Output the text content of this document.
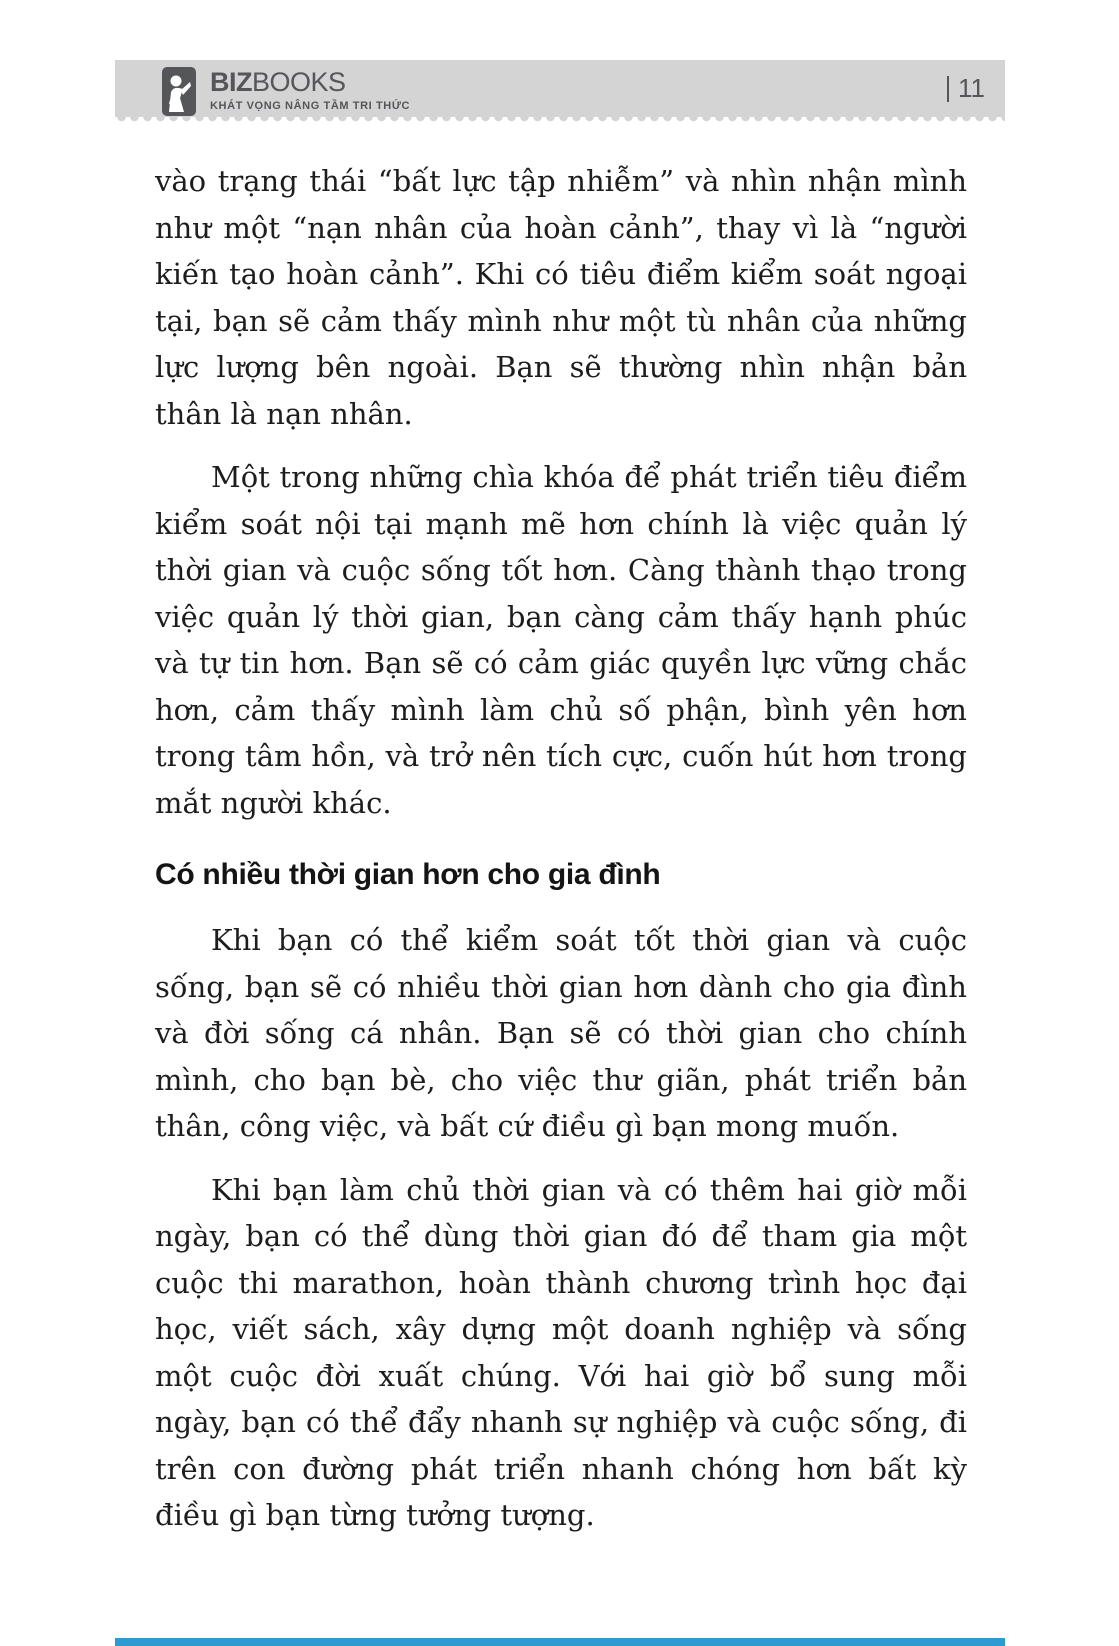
BIZBOOKS
KHÁT VỌNG NÂNG TẦM TRI THỨC
11

vào trạng thái “bất lực tập nhiễm” và nhìn nhận mình như một “nạn nhân của hoàn cảnh”, thay vì là “người kiến tạo hoàn cảnh”. Khi có tiêu điểm kiểm soát ngoại tại, bạn sẽ cảm thấy mình như một tù nhân của những lực lượng bên ngoài. Bạn sẽ thường nhìn nhận bản thân là nạn nhân.

Một trong những chìa khóa để phát triển tiêu điểm kiểm soát nội tại mạnh mẽ hơn chính là việc quản lý thời gian và cuộc sống tốt hơn. Càng thành thạo trong việc quản lý thời gian, bạn càng cảm thấy hạnh phúc và tự tin hơn. Bạn sẽ có cảm giác quyền lực vững chắc hơn, cảm thấy mình làm chủ số phận, bình yên hơn trong tâm hồn, và trở nên tích cực, cuốn hút hơn trong mắt người khác.

Có nhiều thời gian hơn cho gia đình

Khi bạn có thể kiểm soát tốt thời gian và cuộc sống, bạn sẽ có nhiều thời gian hơn dành cho gia đình và đời sống cá nhân. Bạn sẽ có thời gian cho chính mình, cho bạn bè, cho việc thư giãn, phát triển bản thân, công việc, và bất cứ điều gì bạn mong muốn.

Khi bạn làm chủ thời gian và có thêm hai giờ mỗi ngày, bạn có thể dùng thời gian đó để tham gia một cuộc thi marathon, hoàn thành chương trình học đại học, viết sách, xây dựng một doanh nghiệp và sống một cuộc đời xuất chúng. Với hai giờ bổ sung mỗi ngày, bạn có thể đẩy nhanh sự nghiệp và cuộc sống, đi trên con đường phát triển nhanh chóng hơn bất kỳ điều gì bạn từng tưởng tượng.
